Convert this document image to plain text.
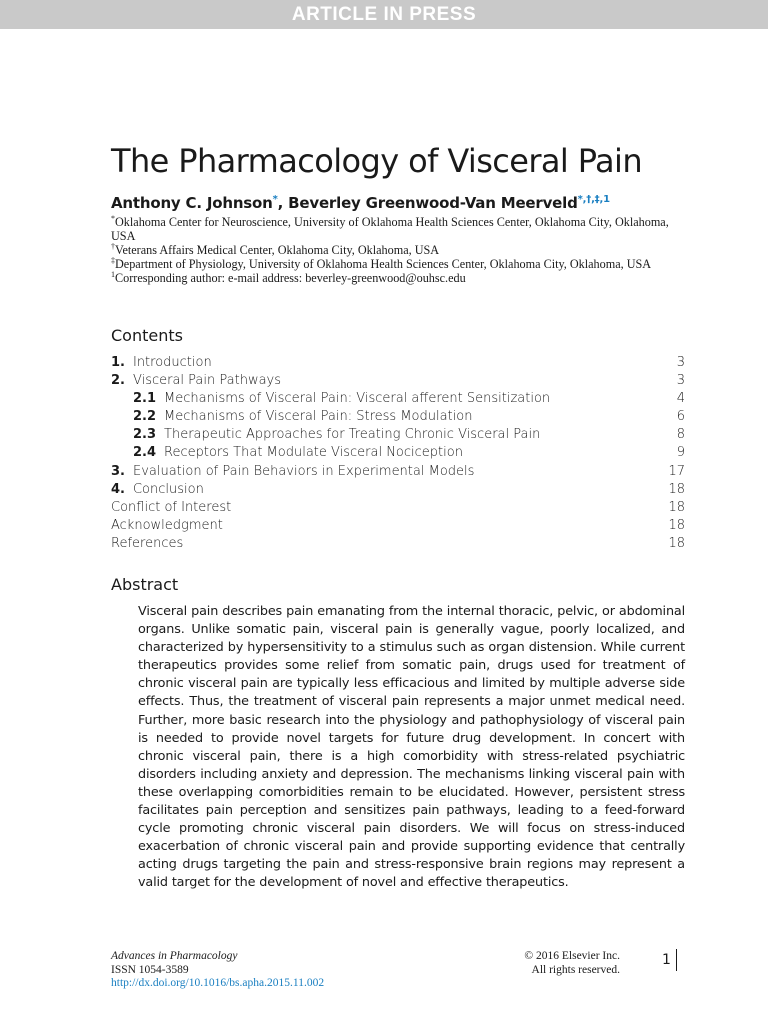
ARTICLE IN PRESS
The Pharmacology of Visceral Pain
Anthony C. Johnson*, Beverley Greenwood-Van Meerveld$^{*,\dagger,\ddagger,1}$

*Oklahoma Center for Neuroscience, University of Oklahoma Health Sciences Center, Oklahoma City, Oklahoma, USA

†Veterans Affairs Medical Center, Oklahoma City, Oklahoma, USA

‡Department of Physiology, University of Oklahoma Health Sciences Center, Oklahoma City, Oklahoma, USA

$^1$Corresponding author: e-mail address: beverley-greenwood@ouhsc.edu

Contents
1. Introduction	3
2. Visceral Pain Pathways	3
2.1 Mechanisms of Visceral Pain: Visceral afferent Sensitization	4
2.2 Mechanisms of Visceral Pain: Stress Modulation	6
2.3 Therapeutic Approaches for Treating Chronic Visceral Pain	8
2.4 Receptors That Modulate Visceral Nociception	9
3. Evaluation of Pain Behaviors in Experimental Models	17
4. Conclusion	18
Conflict of Interest	18
Acknowledgment	18
References	18
Abstract

Visceral pain describes pain emanating from the internal thoracic, pelvic, or abdominal organs. Unlike somatic pain, visceral pain is generally vague, poorly localized, and characterized by hypersensitivity to a stimulus such as organ distension. While current therapeutics provides some relief from somatic pain, drugs used for treatment of chronic visceral pain are typically less efficacious and limited by multiple adverse side effects. Thus, the treatment of visceral pain represents a major unmet medical need. Further, more basic research into the physiology and pathophysiology of visceral pain is needed to provide novel targets for future drug development. In concert with chronic visceral pain, there is a high comorbidity with stress-related psychiatric disorders including anxiety and depression. The mechanisms linking visceral pain with these overlapping comorbidities remain to be elucidated. However, persistent stress facilitates pain perception and sensitizes pain pathways, leading to a feed-forward cycle promoting chronic visceral pain disorders. We will focus on stress-induced exacerbation of chronic visceral pain and provide supporting evidence that centrally acting drugs targeting the pain and stress-responsive brain regions may represent a valid target for the development of novel and effective therapeutics.

Advances in Pharmacology
ISSN 1054-3589
http://dx.doi.org/10.1016/bs.apha.2015.11.002
© 2016 Elsevier Inc.
All rights reserved.
1
